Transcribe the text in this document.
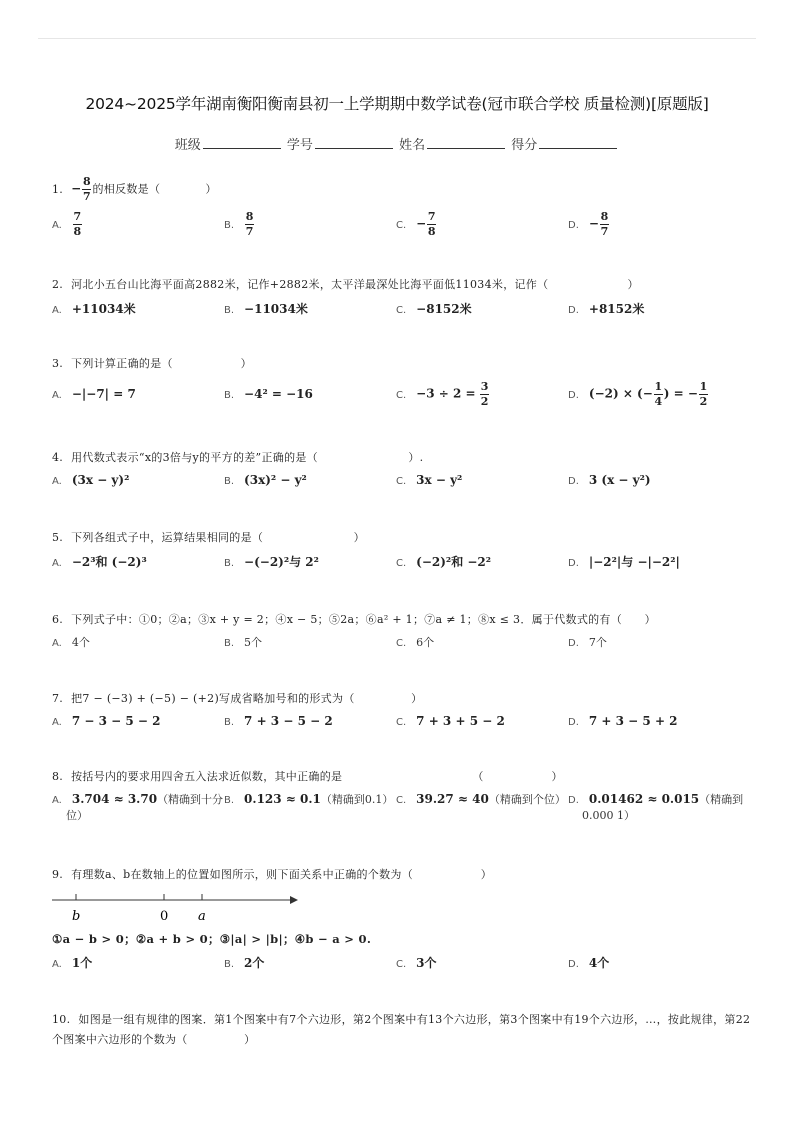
2024~2025学年湖南衡阳衡南县初一上学期期中数学试卷(冠市联合学校 质量检测)[原题版]
班级	学号	姓名	得分
1. − $\frac{8}{7}$ 的相反数是（　　　　）
A. $\frac{7}{8}$	B. $\frac{8}{7}$	C. − $\frac{7}{8}$	D. − $\frac{8}{7}$
2. 河北小五台山比海平面高2882米，记作+2882米，太平洋最深处比海平面低11034米，记作（　　　　　　　）
A. +11034米	B. −11034米	C. −8152米	D. +8152米
3. 下列计算正确的是（　　　　　　）
A. −|−7| = 7	B. −4² = −16	C. $-3 \div 2 = \frac{3}{2}$	D. (−2) × (− $\frac{1}{4}$ ) = − $\frac{1}{2}$
4. 用代数式表示“x的3倍与y的平方的差”正确的是（　　　　　　　　）.
A. (3x − y)²	B. (3x)² − y²	C. 3x − y²	D. 3 (x − y²)
5. 下列各组式子中，运算结果相同的是（　　　　　　　　）
A. −2³和 (−2)³	B. −(−2)²与 2²	C. (−2)²和 −2²	D. |−2²|与 −|−2²|
6. 下列式子中：①0；②a；③x + y = 2；④x − 5；⑤2a；⑥a² + 1；⑦a ≠ 1；⑧x ≤ 3．属于代数式的有（　　）
A. 4个	B. 5个	C. 6个	D. 7个
7. 把7 − (−3) + (−5) − (+2)写成省略加号和的形式为（　　　　　）
A. 7 − 3 − 5 − 2	B. 7 + 3 − 5 − 2	C. 7 + 3 + 5 − 2	D. 7 + 3 − 5 + 2
8. 按括号内的要求用四舍五入法求近似数，其中正确的是　　　　　　　　　　　　（　　　　　　）
A. 3.704 ≈ 3.70（精确到十分
位）
B. 0.123 ≈ 0.1（精确到0.1） C. 39.27 ≈ 40（精确到个位） D. 0.01462 ≈ 0.015（精确到
0.000 1）
9. 有理数a、b在数轴上的位置如图所示，则下面关系中正确的个数为（　　　　　　）
b	0 a
①a − b > 0；②a + b > 0；③|a| > |b|；④b − a > 0.
A. 1个	B. 2个	C. 3个	D. 4个
10. 如图是一组有规律的图案．第1个图案中有7个六边形，第2个图案中有13个六边形，第3个图案中有19个六边形，…，按此规律，第22个图案中六边形的个数为（　　　　　）
